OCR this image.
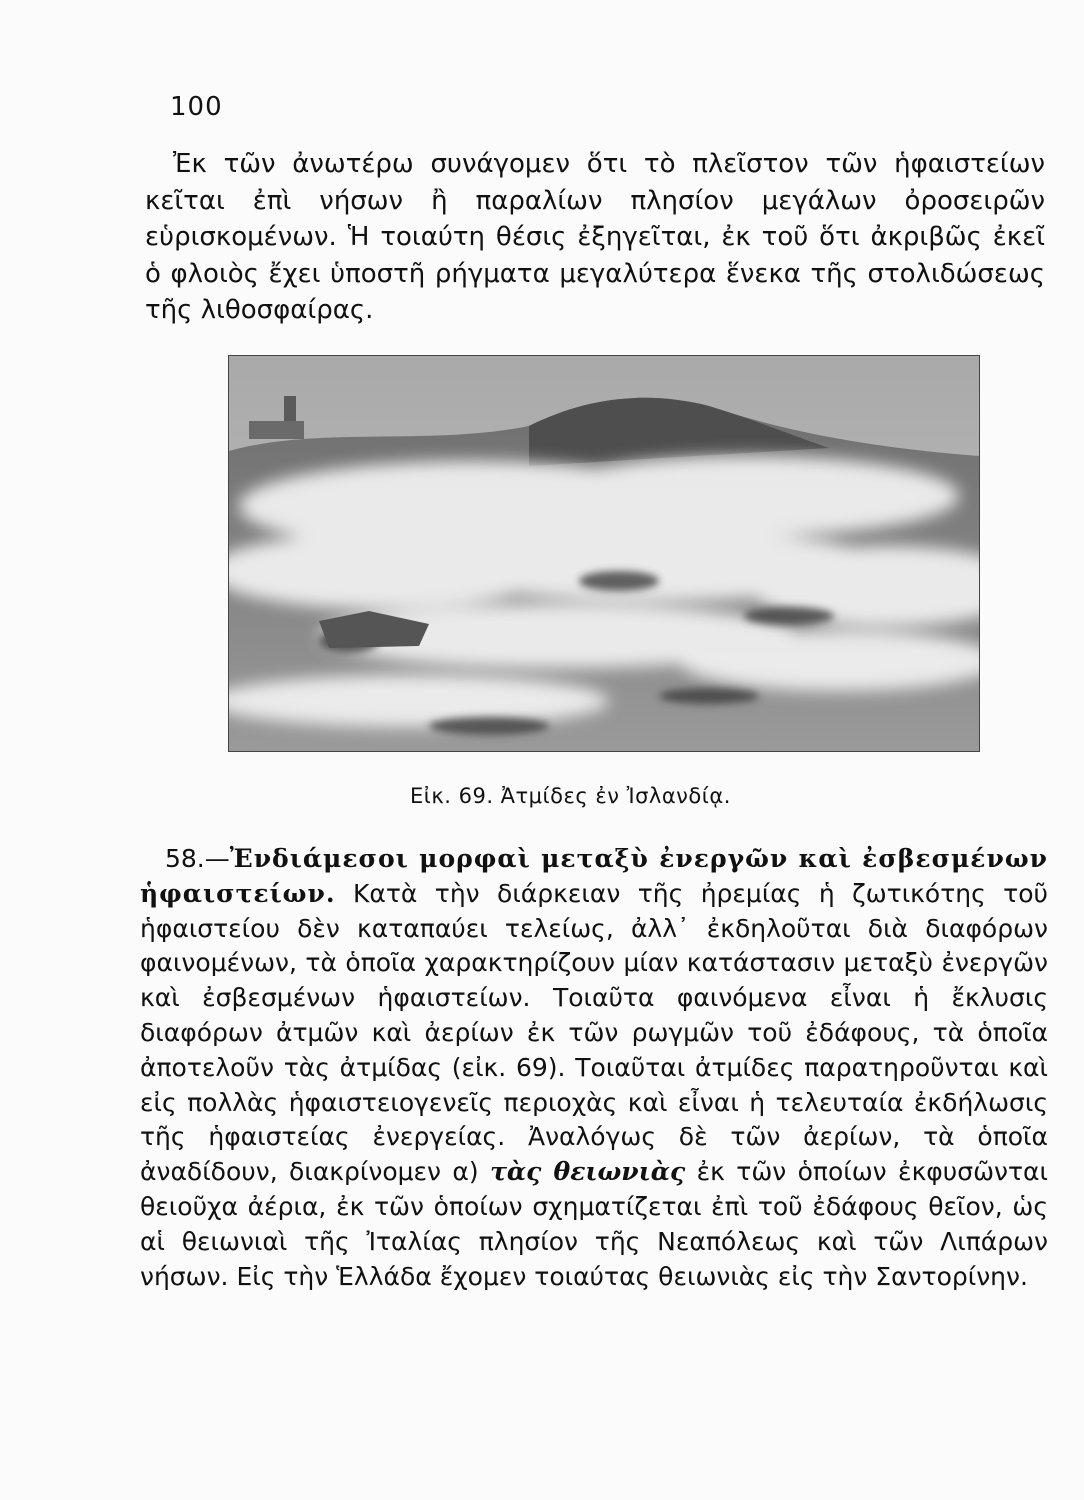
100

Ἐκ τῶν ἀνωτέρω συνάγομεν ὅτι τὸ πλεῖστον τῶν ἡφαιστείων κεῖται ἐπὶ νήσων ἢ παραλίων πλησίον μεγάλων ὀροσειρῶν εὑρισκομένων. Ἡ τοιαύτη θέσις ἐξηγεῖται, ἐκ τοῦ ὅτι ἀκριβῶς ἐκεῖ ὁ φλοιὸς ἔχει ὑποστῆ ρήγματα μεγαλύτερα ἕνεκα τῆς στολιδώσεως τῆς λιθοσφαίρας.

Εἰκ. 69. Ἀτμίδες ἐν Ἰσλανδίᾳ.

58.—Ἐνδιάμεσοι μορφαὶ μεταξὺ ἐνεργῶν καὶ ἐσβεσμένων ἡφαιστείων. Κατὰ τὴν διάρκειαν τῆς ἠρεμίας ἡ ζωτικότης τοῦ ἡφαιστείου δὲν καταπαύει τελείως, ἀλλ᾽ ἐκδηλοῦται διὰ διαφόρων φαινομένων, τὰ ὁποῖα χαρακτηρίζουν μίαν κατάστασιν μεταξὺ ἐνεργῶν καὶ ἐσβεσμένων ἡφαιστείων. Τοιαῦτα φαινόμενα εἶναι ἡ ἔκλυσις διαφόρων ἀτμῶν καὶ ἀερίων ἐκ τῶν ρωγμῶν τοῦ ἐδάφους, τὰ ὁποῖα ἀποτελοῦν τὰς ἀτμίδας (εἰκ. 69). Τοιαῦται ἀτμίδες παρατηροῦνται καὶ εἰς πολλὰς ἡφαιστειογενεῖς περιοχὰς καὶ εἶναι ἡ τελευταία ἐκδήλωσις τῆς ἡφαιστείας ἐνεργείας. Ἀναλόγως δὲ τῶν ἀερίων, τὰ ὁποῖα ἀναδίδουν, διακρίνομεν α) τὰς θειωνιὰς ἐκ τῶν ὁποίων ἐκφυσῶνται θειοῦχα ἀέρια, ἐκ τῶν ὁποίων σχηματίζεται ἐπὶ τοῦ ἐδάφους θεῖον, ὡς αἱ θειωνιαὶ τῆς Ἰταλίας πλησίον τῆς Νεαπόλεως καὶ τῶν Λιπάρων νήσων. Εἰς τὴν Ἑλλάδα ἔχομεν τοιαύτας θειωνιὰς εἰς τὴν Σαντορίνην.
